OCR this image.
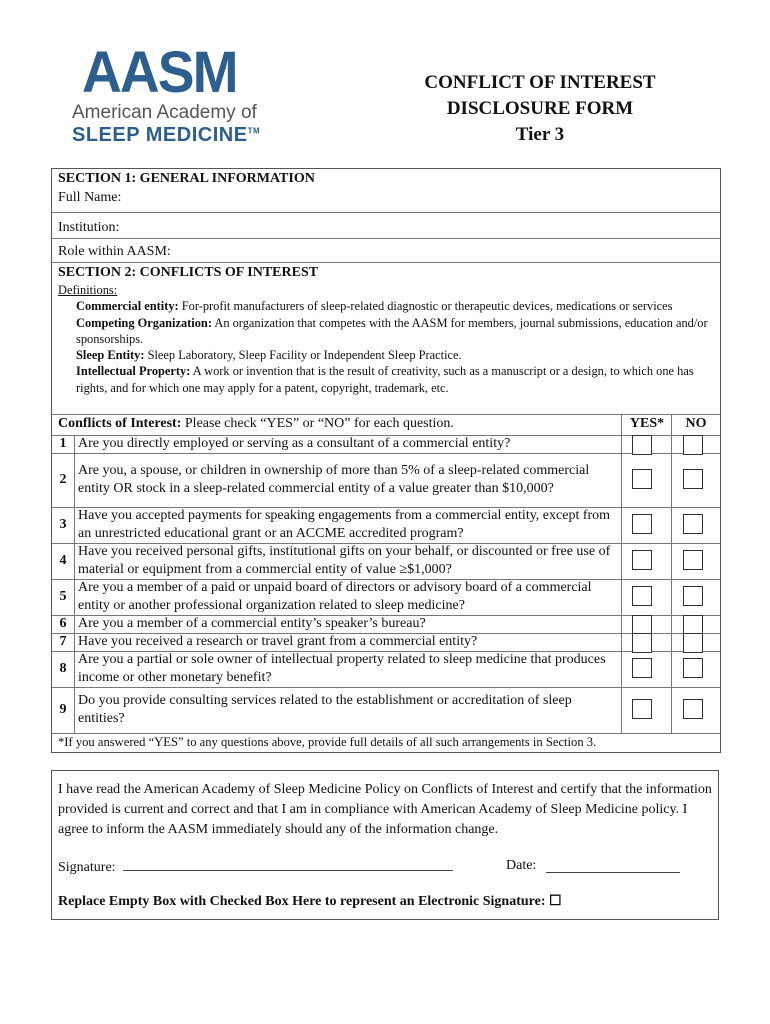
AASM
American Academy of
SLEEP MEDICINE™
CONFLICT OF INTEREST
DISCLOSURE FORM
Tier 3
SECTION 1: GENERAL INFORMATION
Full Name:
Institution:
Role within AASM:
SECTION 2: CONFLICTS OF INTEREST
Definitions:
Commercial entity: For-profit manufacturers of sleep-related diagnostic or therapeutic devices, medications or services
Competing Organization: An organization that competes with the AASM for members, journal submissions, education and/or sponsorships.
Sleep Entity: Sleep Laboratory, Sleep Facility or Independent Sleep Practice.
Intellectual Property: A work or invention that is the result of creativity, such as a manuscript or a design, to which one has rights, and for which one may apply for a patent, copyright, trademark, etc.
Conflicts of Interest: Please check “YES” or “NO” for each question.	YES*	NO
1 Are you directly employed or serving as a consultant of a commercial entity?
2
Are you, a spouse, or children in ownership of more than 5% of a sleep-related commercial entity OR stock in a sleep-related commercial entity of a value greater than $10,000?
3
Have you accepted payments for speaking engagements from a commercial entity, except from an unrestricted educational grant or an ACCME accredited program?
4
Have you received personal gifts, institutional gifts on your behalf, or discounted or free use of material or equipment from a commercial entity of value ≥$1,000?
5
Are you a member of a paid or unpaid board of directors or advisory board of a commercial entity or another professional organization related to sleep medicine?
6 Are you a member of a commercial entity’s speaker’s bureau?
7 Have you received a research or travel grant from a commercial entity?
8
Are you a partial or sole owner of intellectual property related to sleep medicine that produces income or other monetary benefit?
9
Do you provide consulting services related to the establishment or accreditation of sleep entities?
*If you answered “YES” to any questions above, provide full details of all such arrangements in Section 3.
I have read the American Academy of Sleep Medicine Policy on Conflicts of Interest and certify that the information provided is current and correct and that I am in compliance with American Academy of Sleep Medicine policy. I agree to inform the AASM immediately should any of the information change.
Signature:	Date:
Replace Empty Box with Checked Box Here to represent an Electronic Signature: ☐
